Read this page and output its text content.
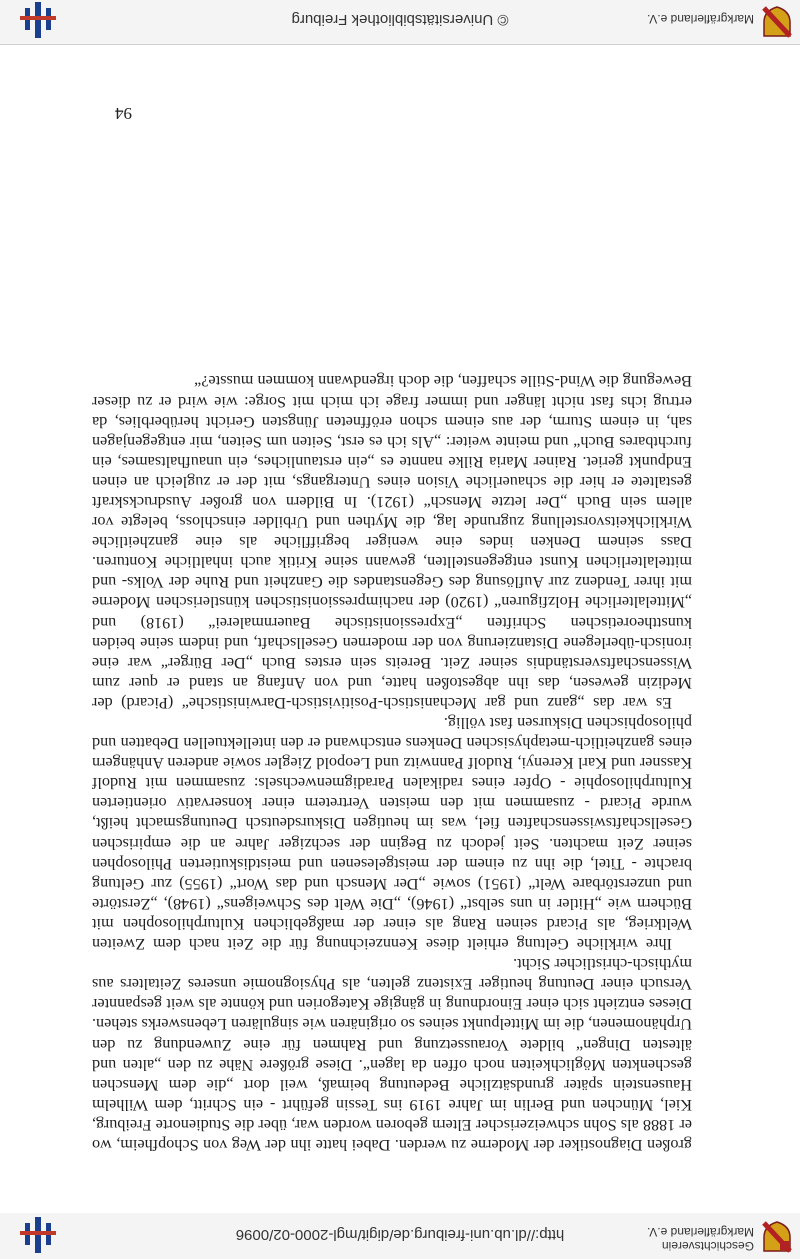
Geschichtsverein
Markgräflerland e.V.
http://dl.ub.uni-freiburg.de/digit/mgl-2000-02/0096

großen Diagnostiker der Moderne zu werden. Dabei hatte ihn der Weg von Schopfheim, wo er 1888 als Sohn schweizerischer Eltern geboren worden war, über die Studienorte Freiburg, Kiel, München und Berlin im Jahre 1919 ins Tessin geführt - ein Schritt, dem Wilhelm Hausenstein später grundsätzliche Bedeutung beimaß, weil dort „die dem Menschen geschenkten Möglichkeiten noch offen da lagen“. Diese größere Nähe zu den „alten und ältesten Dingen“ bildete Voraussetzung und Rahmen für eine Zuwendung zu den Urphänomenen, die im Mittelpunkt seines so originären wie singulären Lebenswerks stehen. Dieses entzieht sich einer Einordnung in gängige Kategorien und könnte als weit gespannter Versuch einer Deutung heutiger Existenz gelten, als Physiognomie unseres Zeitalters aus mythisch-christlicher Sicht.

Ihre wirkliche Geltung erhielt diese Kennzeichnung für die Zeit nach dem Zweiten Weltkrieg, als Picard seinen Rang als einer der maßgeblichen Kulturphilosophen mit Büchern wie „Hitler in uns selbst“ (1946), „Die Welt des Schweigens“ (1948), „Zerstörte und unzerstörbare Welt“ (1951) sowie „Der Mensch und das Wort“ (1955) zur Geltung brachte - Titel, die ihn zu einem der meistgelesenen und meistdiskutierten Philosophen seiner Zeit machten. Seit jedoch zu Beginn der sechziger Jahre an die empirischen Gesellschaftswissenschaften fiel, was im heutigen Diskursdeutsch Deutungsmacht heißt, wurde Picard - zusammen mit den meisten Vertretern einer konservativ orientierten Kulturphilosophie - Opfer eines radikalen Paradigmenwechsels: zusammen mit Rudolf Kassner und Karl Kerenyi, Rudolf Pannwitz und Leopold Ziegler sowie anderen Anhängern eines ganzheitlich-metaphysischen Denkens entschwand er den intellektuellen Debatten und philosophischen Diskursen fast völlig.

Es war das „ganz und gar Mechanistisch-Positivistisch-Darwinistische“ (Picard) der Medizin gewesen, das ihn abgestoßen hatte, und von Anfang an stand er quer zum Wissenschaftsverständnis seiner Zeit. Bereits sein erstes Buch „Der Bürger“ war eine ironisch-überlegene Distanzierung von der modernen Gesellschaft, und indem seine beiden kunsttheoretischen Schriften „Expressionistische Bauernmalerei“ (1918) und „Mittelalterliche Holzfiguren“ (1920) der nachimpressionistischen künstlerischen Moderne mit ihrer Tendenz zur Auflösung des Gegenstandes die Ganzheit und Ruhe der Volks- und mittelalterlichen Kunst entgegenstellten, gewann seine Kritik auch inhaltliche Konturen. Dass seinem Denken indes eine weniger begriffliche als eine ganzheitliche Wirklichkeitsvorstellung zugrunde lag, die Mythen und Urbilder einschloss, belegte vor allem sein Buch „Der letzte Mensch“ (1921). In Bildern von großer Ausdruckskraft gestaltete er hier die schauerliche Vision eines Untergangs, mit der er zugleich an einen Endpunkt geriet. Rainer Maria Rilke nannte es „ein erstaunliches, ein unaufhaltsames, ein furchtbares Buch“ und meinte weiter: „Als ich es erst, Seiten um Seiten, mir entgegenjagen sah, in einem Sturm, der aus einem schon eröffneten Jüngsten Gericht herüberblies, da ertrug ichs fast nicht länger und immer frage ich mich mit Sorge: wie wird er zu dieser Bewegung die Wind-Stille schaffen, die doch irgendwann kommen musste?“

94
Markgräflerland e.V.
© Universitätsbibliothek Freiburg
